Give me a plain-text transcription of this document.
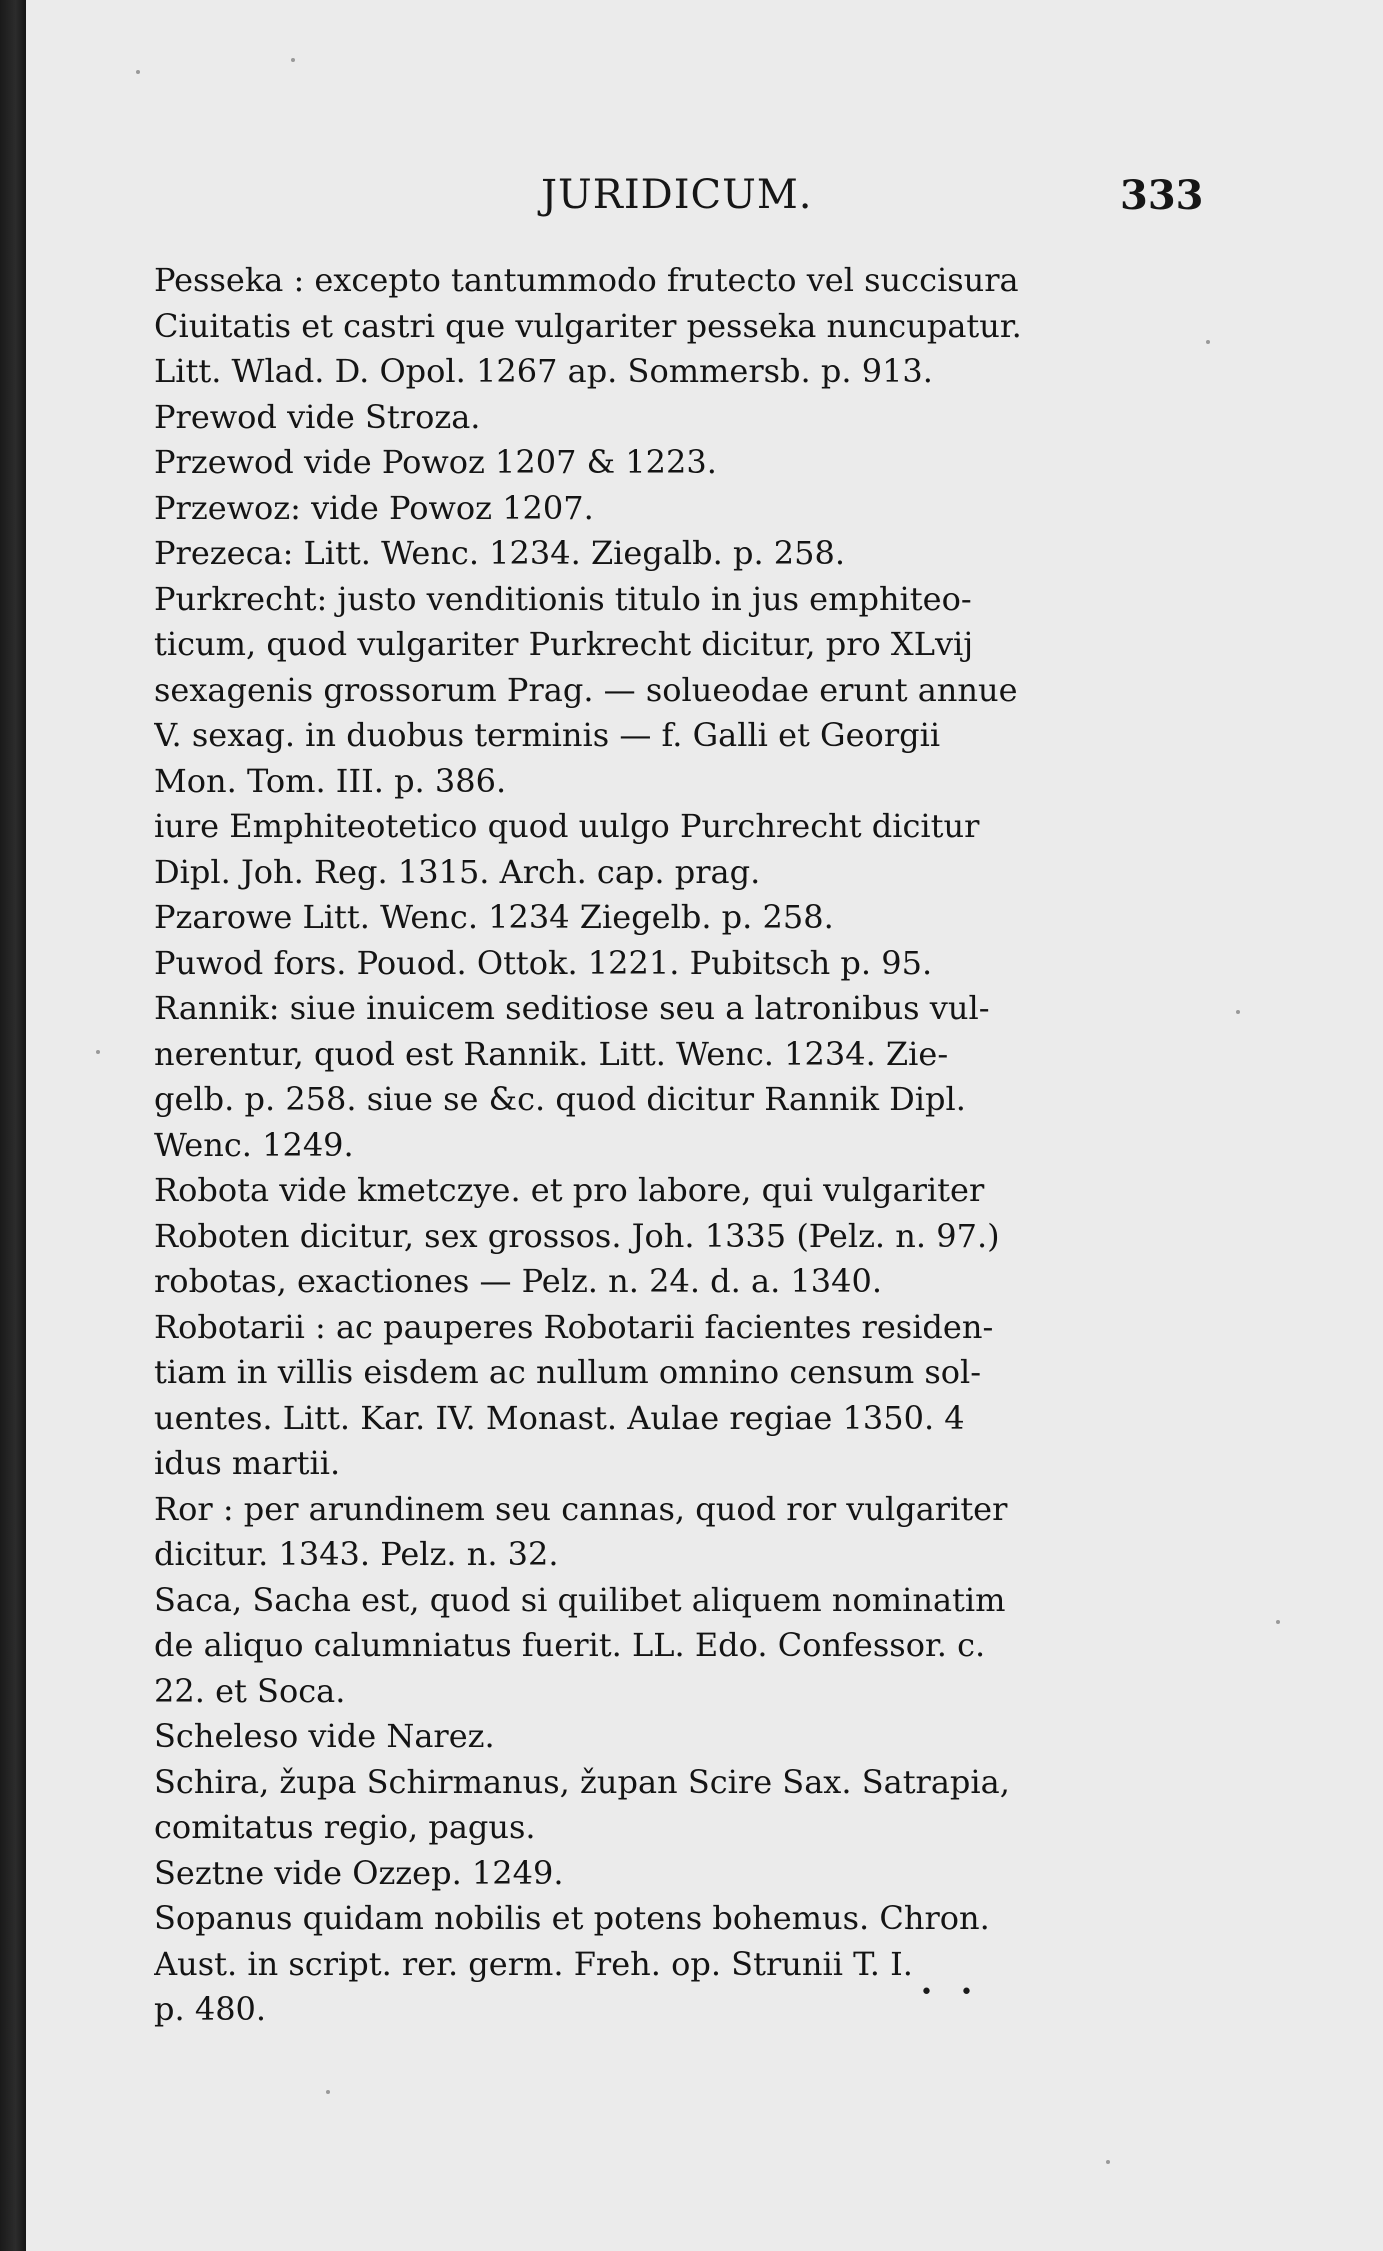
JURIDICUM.	333
Pesseka : excepto tantummodo frutecto vel succisura
Ciuitatis et castri que vulgariter pesseka nuncupatur.
Litt. Wlad. D. Opol. 1267 ap. Sommersb. p. 913.
Prewod vide Stroza.
Przewod vide Powoz 1207 & 1223.
Przewoz: vide Powoz 1207.
Prezeca: Litt. Wenc. 1234. Ziegalb. p. 258.
Purkrecht: justo venditionis titulo in jus emphiteo-
ticum, quod vulgariter Purkrecht dicitur, pro XLvij
sexagenis grossorum Prag. — solueodae erunt annue
V. sexag. in duobus terminis — f. Galli et Georgii
Mon. Tom. III. p. 386.
iure Emphiteotetico quod uulgo Purchrecht dicitur
Dipl. Joh. Reg. 1315. Arch. cap. prag.
Pzarowe Litt. Wenc. 1234 Ziegelb. p. 258.
Puwod fors. Pouod. Ottok. 1221. Pubitsch p. 95.
Rannik: siue inuicem seditiose seu a latronibus vul-
nerentur, quod est Rannik. Litt. Wenc. 1234. Zie-
gelb. p. 258. siue se &c. quod dicitur Rannik Dipl.
Wenc. 1249.
Robota vide kmetczye. et pro labore, qui vulgariter
Roboten dicitur, sex grossos. Joh. 1335 (Pelz. n. 97.)
robotas, exactiones — Pelz. n. 24. d. a. 1340.
Robotarii : ac pauperes Robotarii facientes residen-
tiam in villis eisdem ac nullum omnino censum sol-
uentes. Litt. Kar. IV. Monast. Aulae regiae 1350. 4
idus martii.
Ror : per arundinem seu cannas, quod ror vulgariter
dicitur. 1343. Pelz. n. 32.
Saca, Sacha est, quod si quilibet aliquem nominatim
de aliquo calumniatus fuerit. LL. Edo. Confessor. c.
22. et Soca.
Scheleso vide Narez.
Schira, župa Schirmanus, župan Scire Sax. Satrapia,
comitatus regio, pagus.
Seztne vide Ozzep. 1249.
Sopanus quidam nobilis et potens bohemus. Chron.
Aust. in script. rer. germ. Freh. op. Strunii T. I.
p. 480.	• •
